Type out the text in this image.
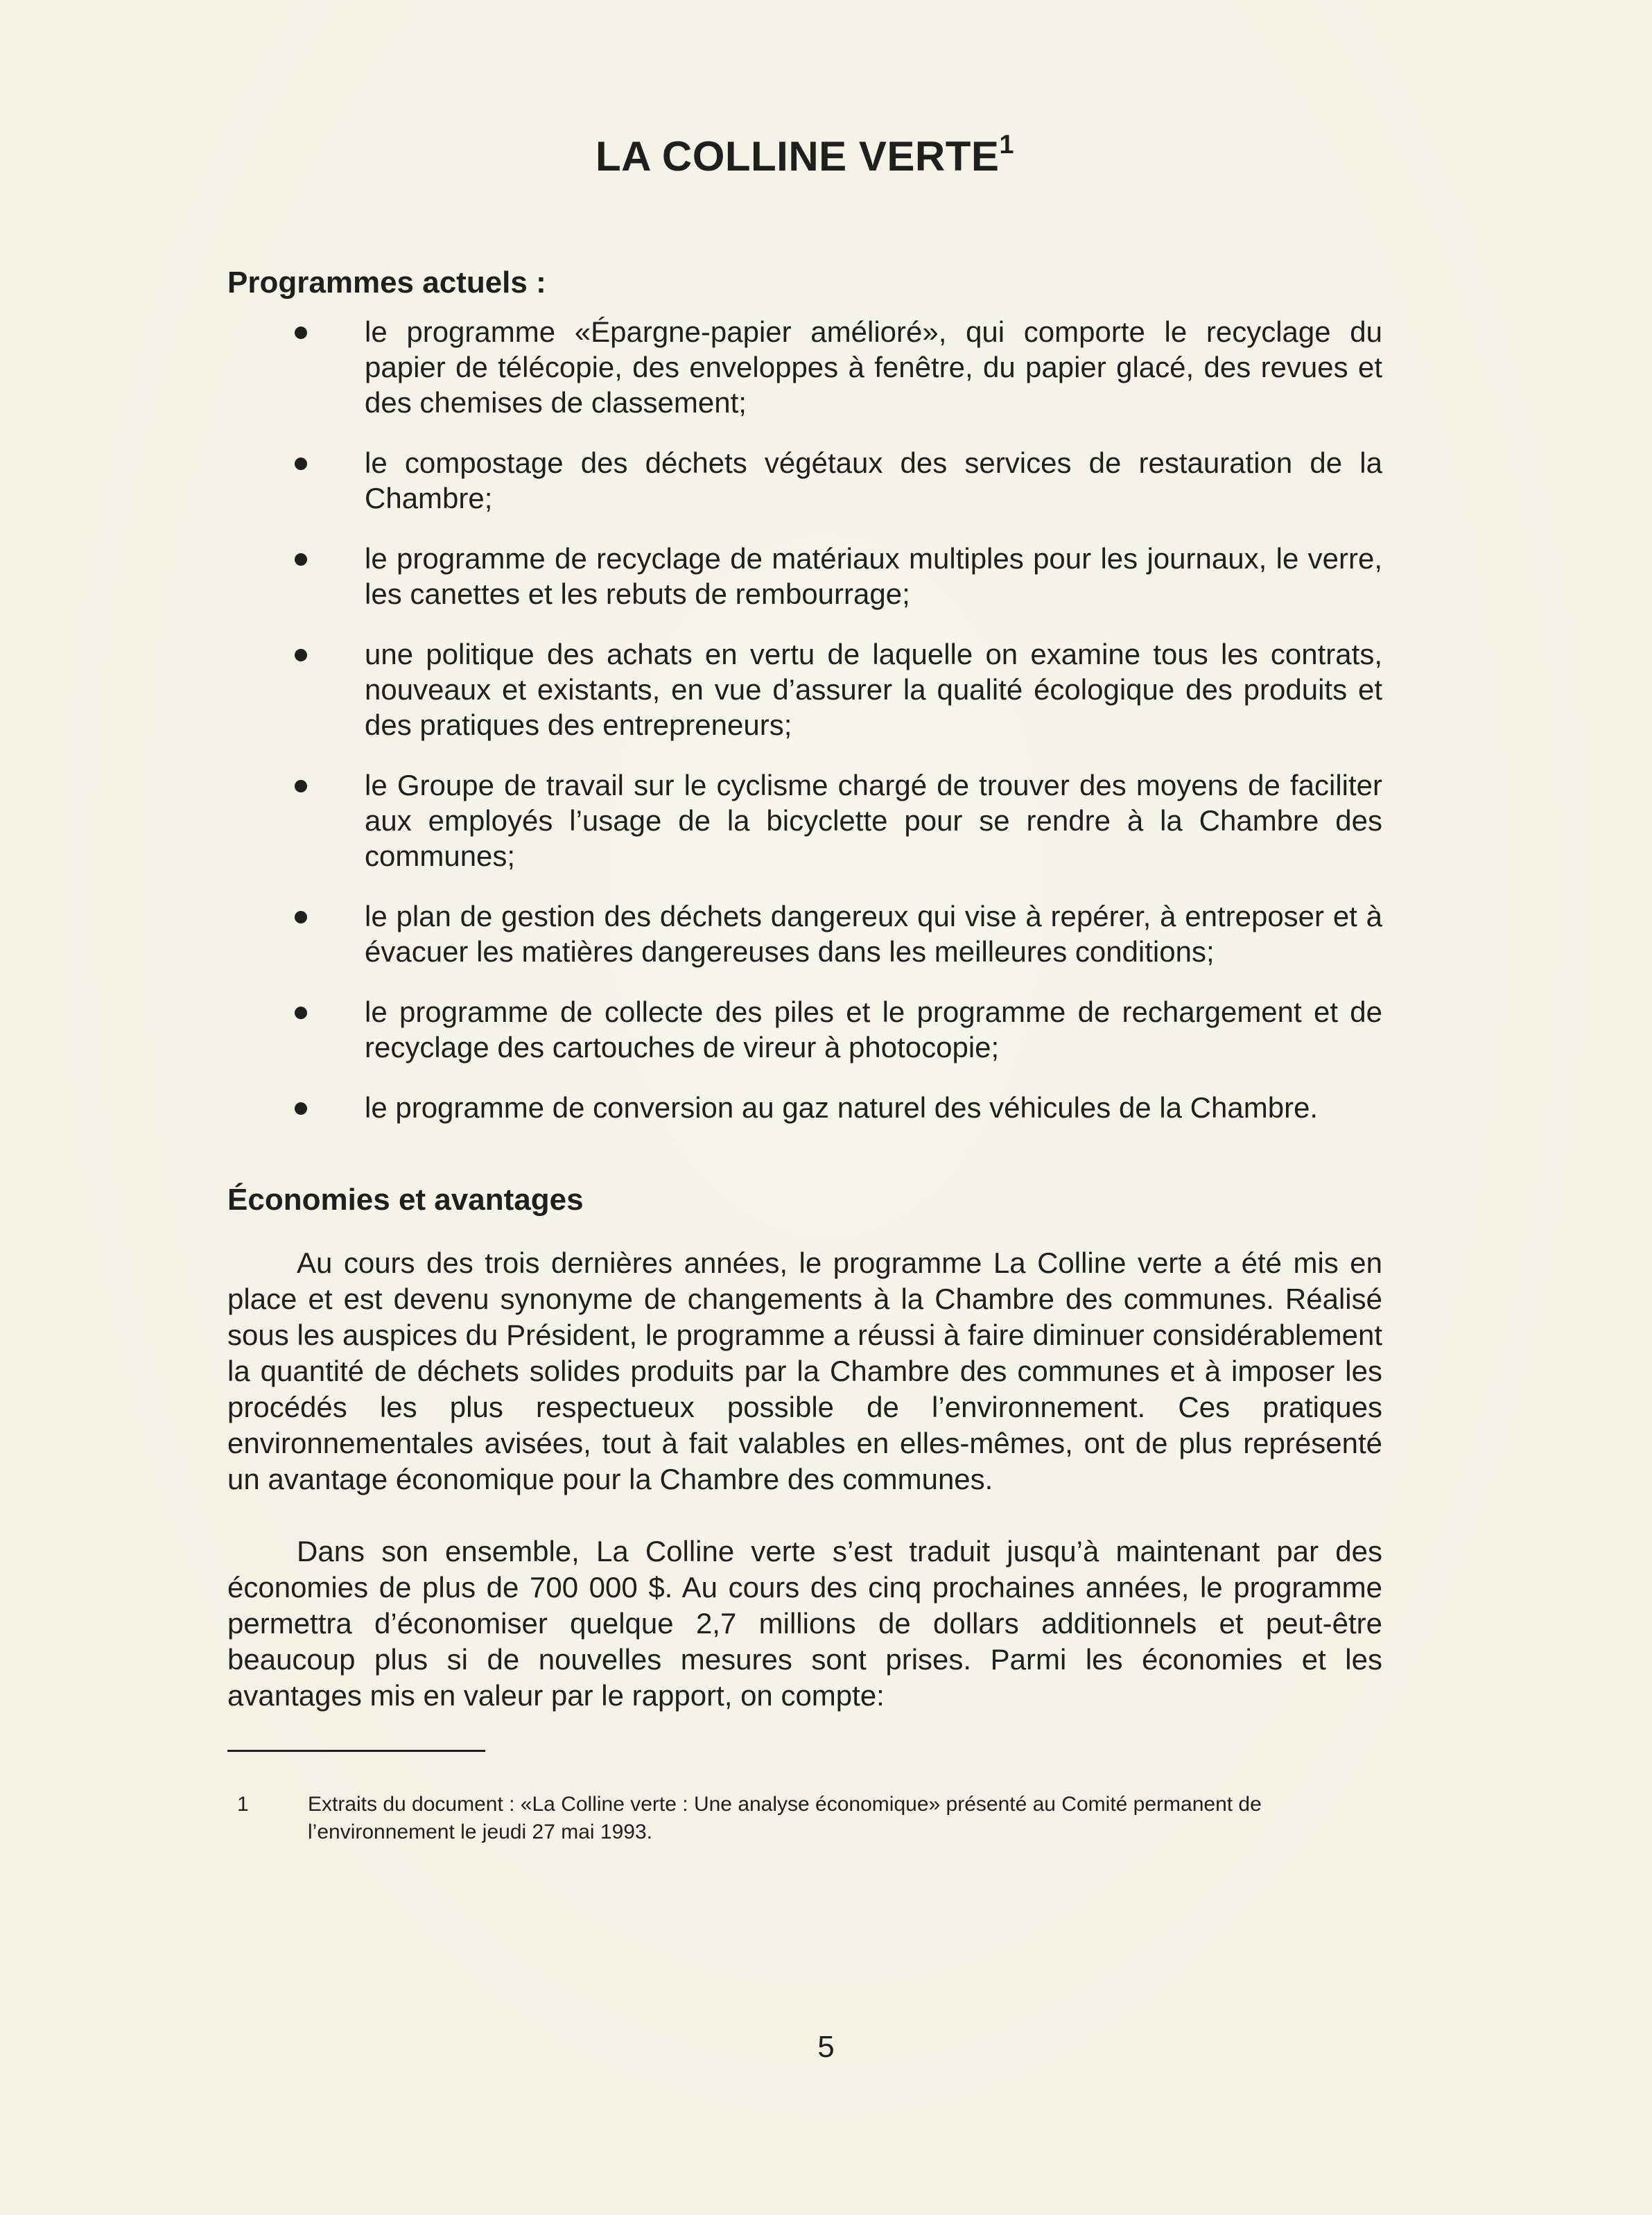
LA COLLINE VERTE$^1$
Programmes actuels :
le programme «Épargne-papier amélioré», qui comporte le recyclage du papier de télécopie, des enveloppes à fenêtre, du papier glacé, des revues et des chemises de classement;
le compostage des déchets végétaux des services de restauration de la Chambre;
le programme de recyclage de matériaux multiples pour les journaux, le verre, les canettes et les rebuts de rembourrage;
une politique des achats en vertu de laquelle on examine tous les contrats, nouveaux et existants, en vue d’assurer la qualité écologique des produits et des pratiques des entrepreneurs;
le Groupe de travail sur le cyclisme chargé de trouver des moyens de faciliter aux employés l’usage de la bicyclette pour se rendre à la Chambre des communes;
le plan de gestion des déchets dangereux qui vise à repérer, à entreposer et à évacuer les matières dangereuses dans les meilleures conditions;
le programme de collecte des piles et le programme de rechargement et de recyclage des cartouches de vireur à photocopie;
le programme de conversion au gaz naturel des véhicules de la Chambre.
Économies et avantages

Au cours des trois dernières années, le programme La Colline verte a été mis en place et est devenu synonyme de changements à la Chambre des communes. Réalisé sous les auspices du Président, le programme a réussi à faire diminuer considérablement la quantité de déchets solides produits par la Chambre des communes et à imposer les procédés les plus respectueux possible de l’environnement. Ces pratiques environnementales avisées, tout à fait valables en elles-mêmes, ont de plus représenté un avantage économique pour la Chambre des communes.

Dans son ensemble, La Colline verte s’est traduit jusqu’à maintenant par des économies de plus de 700 000 $. Au cours des cinq prochaines années, le programme permettra d’économiser quelque 2,7 millions de dollars additionnels et peut-être beaucoup plus si de nouvelles mesures sont prises. Parmi les économies et les avantages mis en valeur par le rapport, on compte:

1	Extraits du document : «La Colline verte : Une analyse économique» présenté au Comité permanent de l’environnement le jeudi 27 mai 1993.
5
